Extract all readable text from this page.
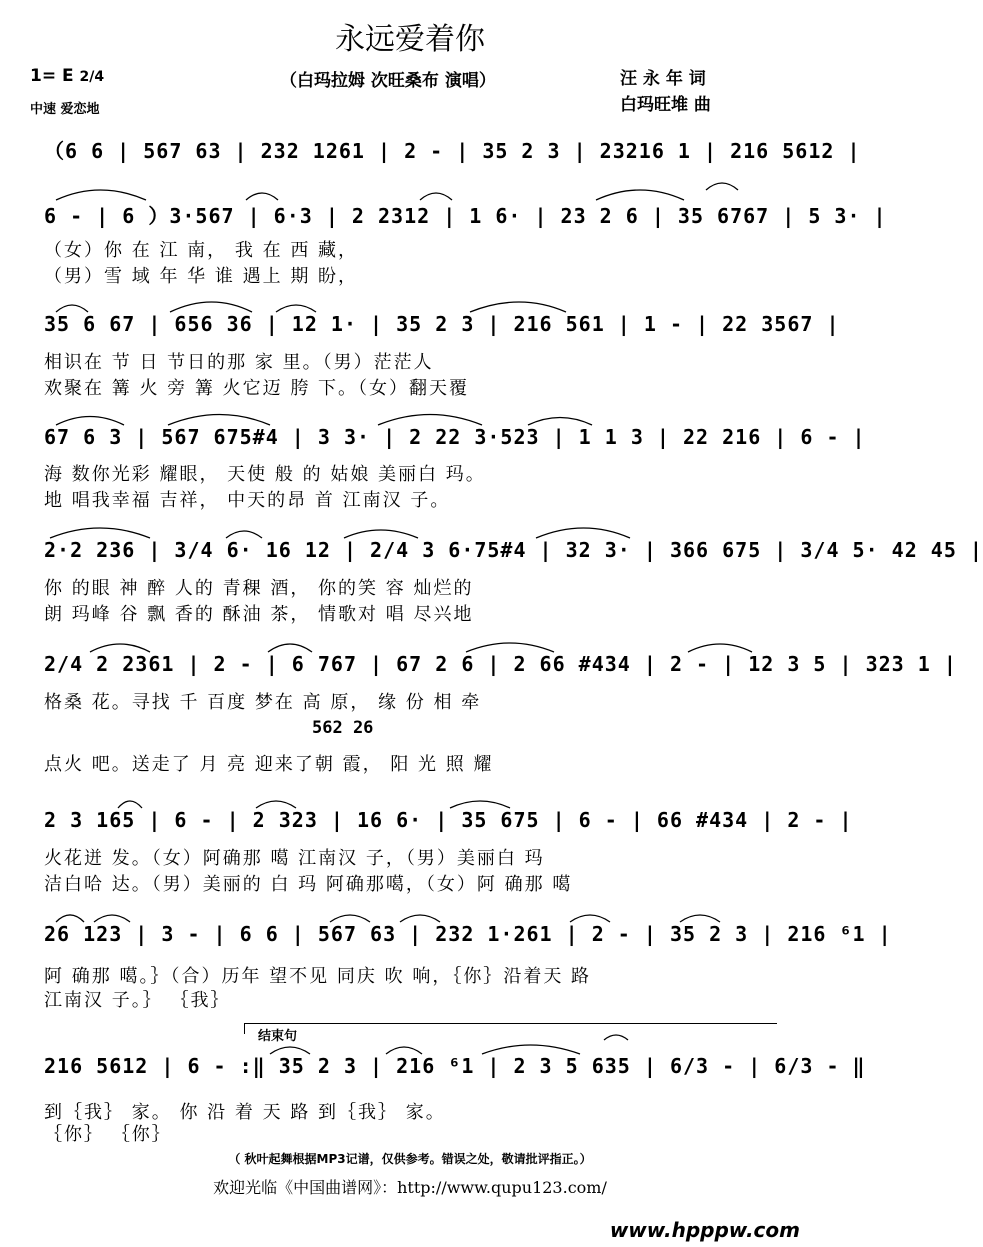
永远爱着你
1= E 2/4
中速 爱恋地
（白玛拉姆 次旺桑布 演唱）	汪 永 年 词
白玛旺堆 曲
（6 6 | 567 63 | 232 1261 | 2 - | 35 2 3 | 23216 1 | 216 5612 |
6 - | 6 ）3·567 | 6·3 | 2 2312 | 1 6· | 23 2 6 | 35 6767 | 5 3· |
（女）你 在 江 南， 我 在 西 藏，
（男）雪 域 年 华 谁 遇上 期 盼，
35 6 67 | 656 36 | 12 1· | 35 2 3 | 216 561 | 1 - | 22 3567 |
相识在 节 日 节日的那 家 里。（男）茫茫人
欢聚在 篝 火 旁 篝 火它迈 胯 下。（女）翻天覆
67 6 3 | 567 675#4 | 3 3· | 2 22 3·523 | 1 1 3 | 22 216 | 6 - |
海 数你光彩 耀眼， 天使 般 的 姑娘 美丽白 玛。
地 唱我幸福 吉祥， 中天的昂 首 江南汉 子。
2·2 236 | 3/4 6· 16 12 | 2/4 3 6·75#4 | 32 3· | 366 675 | 3/4 5· 42 45 |
你 的眼 神 醉 人的 青稞 酒， 你的笑 容 灿烂的
朗 玛峰 谷 飘 香的 酥油 茶， 情歌对 唱 尽兴地
2/4 2 2361 | 2 - | 6 767 | 67 2 6 | 2 66 #434 | 2 - | 12 3 5 | 323 1 |
格桑 花。寻找 千 百度 梦在 高 原， 缘 份 相 牵
562 26
点火 吧。送走了 月 亮 迎来了朝 霞， 阳 光 照 耀
2 3 165 | 6 - | 2 323 | 16 6· | 35 675 | 6 - | 66 #434 | 2 - |
火花迸 发。（女）阿确那 噶 江南汉 子，（男）美丽白 玛
洁白哈 达。（男）美丽的 白 玛 阿确那噶，（女）阿 确那 噶
26 123 | 3 - | 6 6 | 567 63 | 232 1·261 | 2 - | 35 2 3 | 216 ⁶1 |
阿 确那 噶。｝（合）历年 望不见 同庆 吹 响，｛你｝沿着天 路
江南汉 子。｝ ｛我｝
结束句
216 5612 | 6 - :‖ 35 2 3 | 216 ⁶1 | 2 3 5 635 | 6/3 - | 6/3 - ‖
到｛我｝ 家。 你 沿 着 天 路 到｛我｝ 家。
｛你｝ ｛你｝
（ 秋叶起舞根据MP3记谱，仅供参考。错误之处，敬请批评指正。）
欢迎光临《中国曲谱网》：http://www.qupu123.com/
www.hpppw.com
